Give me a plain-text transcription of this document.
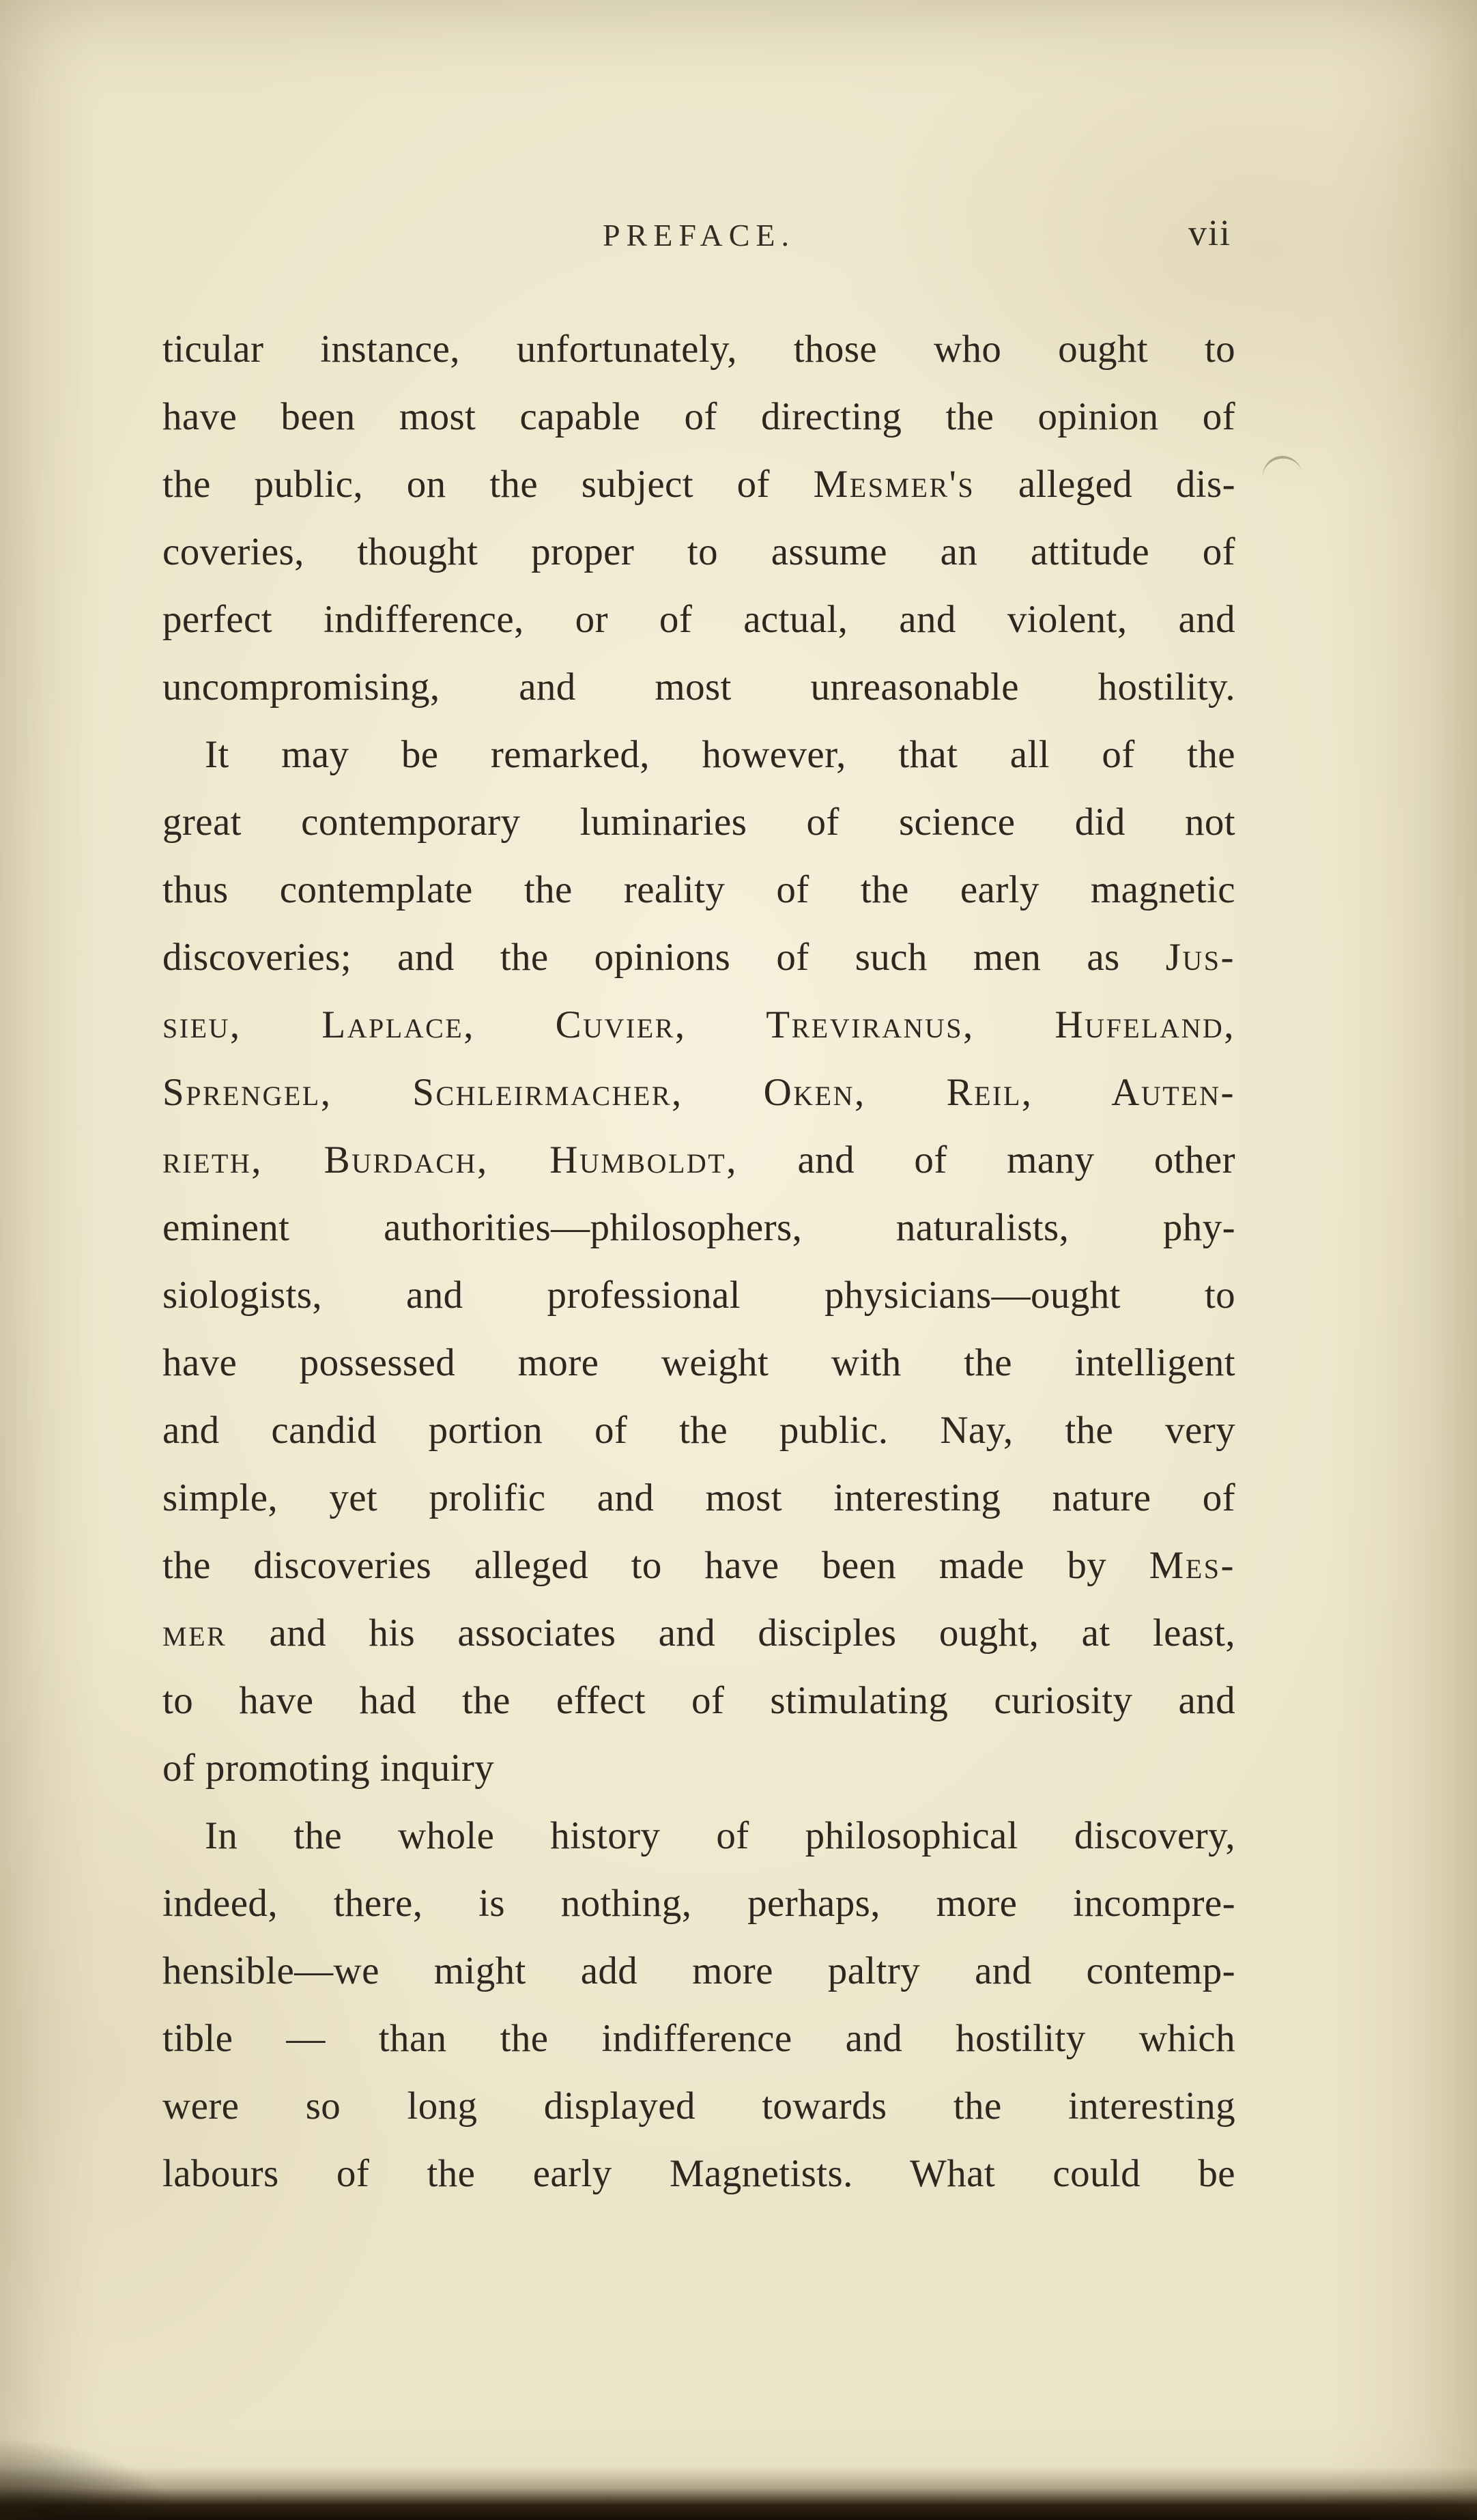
PREFACE.	vii
ticular instance, unfortunately, those who ought to
have been most capable of directing the opinion of
the public, on the subject of Mesmer's alleged dis-
coveries, thought proper to assume an attitude of
perfect indifference, or of actual, and violent, and
uncompromising, and most unreasonable hostility.
It may be remarked, however, that all of the
great contemporary luminaries of science did not
thus contemplate the reality of the early magnetic
discoveries; and the opinions of such men as Jus-
sieu, Laplace, Cuvier, Treviranus, Hufeland,
Sprengel, Schleirmacher, Oken, Reil, Auten-
rieth, Burdach, Humboldt, and of many other
eminent authorities—philosophers, naturalists, phy-
siologists, and professional physicians—ought to
have possessed more weight with the intelligent
and candid portion of the public. Nay, the very
simple, yet prolific and most interesting nature of
the discoveries alleged to have been made by Mes-
mer and his associates and disciples ought, at least,
to have had the effect of stimulating curiosity and
of promoting inquiry
In the whole history of philosophical discovery,
indeed, there, is nothing, perhaps, more incompre-
hensible—we might add more paltry and contemp-
tible — than the indifference and hostility which
were so long displayed towards the interesting
labours of the early Magnetists. What could be
